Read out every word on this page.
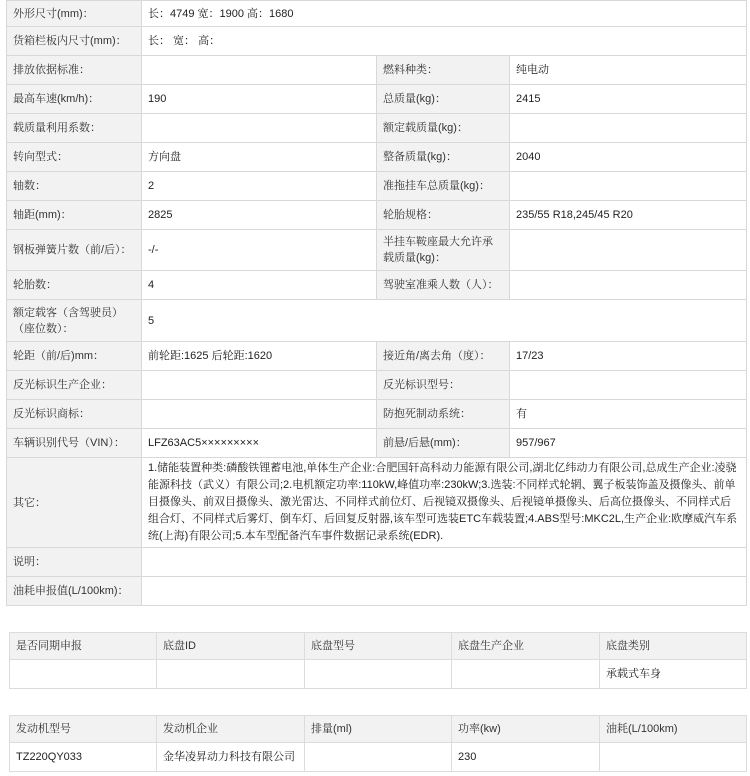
外形尺寸(mm)：	长：4749 宽：1900 高：1680		
货箱栏板内尺寸(mm)：	长： 宽： 高：		
排放依据标准：		燃料种类：	纯电动
最高车速(km/h)：	190	总质量(kg)：	2415
载质量利用系数：		额定载质量(kg)：	
转向型式：	方向盘	整备质量(kg)：	2040
轴数：	2	准拖挂车总质量(kg)：	
轴距(mm)：	2825	轮胎规格：	235/55 R18,245/45 R20
钢板弹簧片数（前/后）：	-/-	半挂车鞍座最大允许承载质量(kg)：	
轮胎数：	4	驾驶室准乘人数（人）：	
额定载客（含驾驶员）（座位数）：	5		
轮距（前/后)mm：	前轮距:1625 后轮距:1620	接近角/离去角（度）：	17/23
反光标识生产企业：		反光标识型号：	
反光标识商标：		防抱死制动系统：	有
车辆识别代号（VIN）：	LFZ63AC5×××××××××	前悬/后悬(mm)：	957/967
其它：	1.储能装置种类:磷酸铁锂蓄电池,单体生产企业:合肥国轩高科动力能源有限公司,湖北亿纬动力有限公司,总成生产企业:凌骁能源科技（武义）有限公司;2.电机额定功率:110kW,峰值功率:230kW;3.选装:不同样式轮辋、翼子板装饰盖及摄像头、前单目摄像头、前双目摄像头、激光雷达、不同样式前位灯、后视镜双摄像头、后视镜单摄像头、后高位摄像头、不同样式后组合灯、不同样式后雾灯、倒车灯、后回复反射器,该车型可选装ETC车载装置;4.ABS型号:MKC2L,生产企业:欧摩威汽车系统(上海)有限公司;5.本车型配备汽车事件数据记录系统(EDR).		
说明：			
油耗申报值(L/100km)：			
是否同期申报	底盘ID	底盘型号	底盘生产企业	底盘类别
				承载式车身
发动机型号	发动机企业	排量(ml)	功率(kw)	油耗(L/100km)
TZ220QY033	金华凌昇动力科技有限公司		230	
